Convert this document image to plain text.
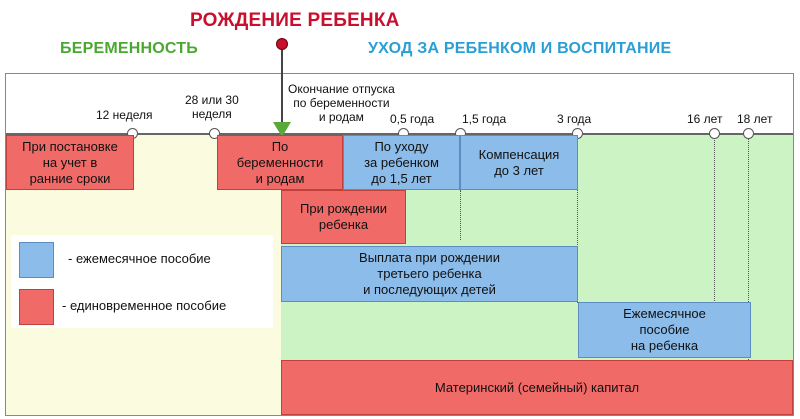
РОЖДЕНИЕ РЕБЕНКА
БЕРЕМЕННОСТЬ	УХОД ЗА РЕБЕНКОМ И ВОСПИТАНИЕ
12 неделя
28 или 30
неделя
Окончание отпуска
по беременности
и родам	0,5 года 1,5 года	3 года	16 лет 18 лет
При постановке
на учет в
ранние сроки
По
беременности
и родам
По уходу
за ребенком
до 1,5 лет
Компенсация
до 3 лет
При рождении
ребенка
Выплата при рождении
третьего ребенка
и последующих детей
Ежемесячное
пособие
на ребенка
Материнский (семейный) капитал
- ежемесячное пособие
- единовременное пособие
